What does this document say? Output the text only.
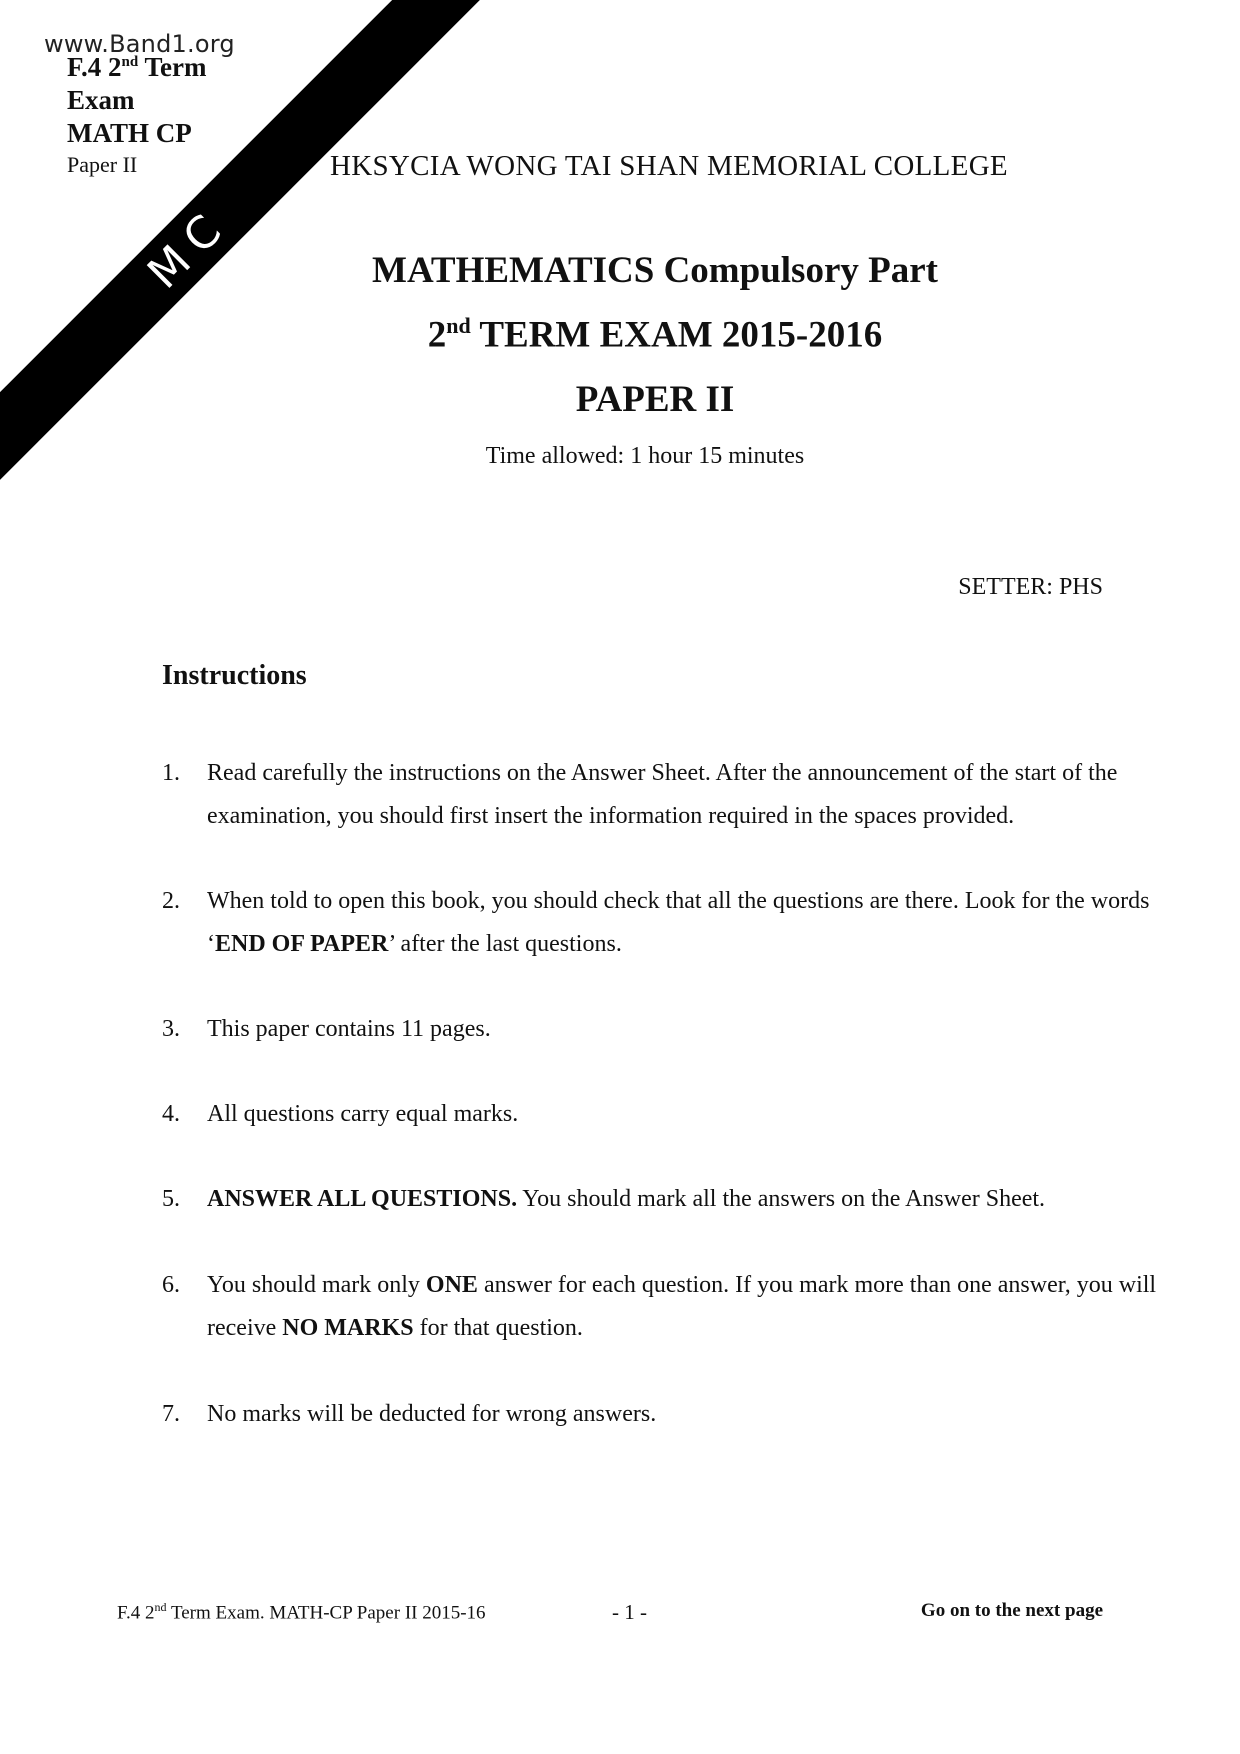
www.Band1.org
F.4 2nd Term
Exam
MATH CP
Paper II
MC
HKSYCIA WONG TAI SHAN MEMORIAL COLLEGE
MATHEMATICS Compulsory Part
2nd TERM EXAM 2015-2016
PAPER II
Time allowed: 1 hour 15 minutes
SETTER: PHS
Instructions
1.	Read carefully the instructions on the Answer Sheet. After the announcement of the start of the examination, you should first insert the information required in the spaces provided.
2.	When told to open this book, you should check that all the questions are there. Look for the words ‘END OF PAPER’ after the last questions.
3.	This paper contains 11 pages.
4.	All questions carry equal marks.
5.	ANSWER ALL QUESTIONS. You should mark all the answers on the Answer Sheet.
6.	You should mark only ONE answer for each question. If you mark more than one answer, you will receive NO MARKS for that question.
7.	No marks will be deducted for wrong answers.
F.4 2nd Term Exam. MATH-CP Paper II 2015-16	- 1 -	Go on to the next page
